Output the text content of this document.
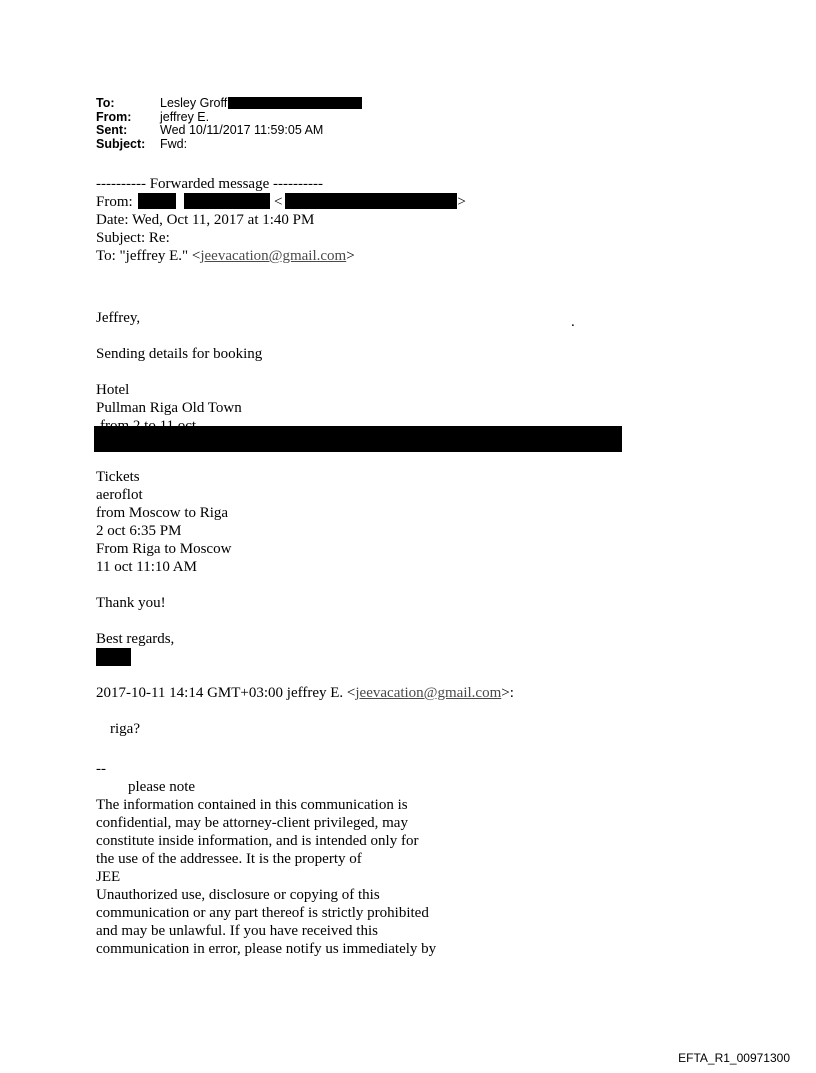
To:	Lesley Groff
From:	jeffrey E.
Sent:	Wed 10/11/2017 11:59:05 AM
Subject:	Fwd:
.
---------- Forwarded message ----------
From:	<	>
Date: Wed, Oct 11, 2017 at 1:40 PM
Subject: Re:
To: "jeffrey E." <jeevacation@gmail.com>
Jeffrey,
Sending details for booking
Hotel
Pullman Riga Old Town
from 2 to 11 oct
Tickets
aeroflot
from Moscow to Riga
2 oct 6:35 PM
From Riga to Moscow
11 oct 11:10 AM
Thank you!
Best regards,
2017-10-11 14:14 GMT+03:00 jeffrey E. <jeevacation@gmail.com>:
riga?
--
please note
The information contained in this communication is
confidential, may be attorney-client privileged, may
constitute inside information, and is intended only for
the use of the addressee. It is the property of
JEE
Unauthorized use, disclosure or copying of this
communication or any part thereof is strictly prohibited
and may be unlawful. If you have received this
communication in error, please notify us immediately by
EFTA_R1_00971300
